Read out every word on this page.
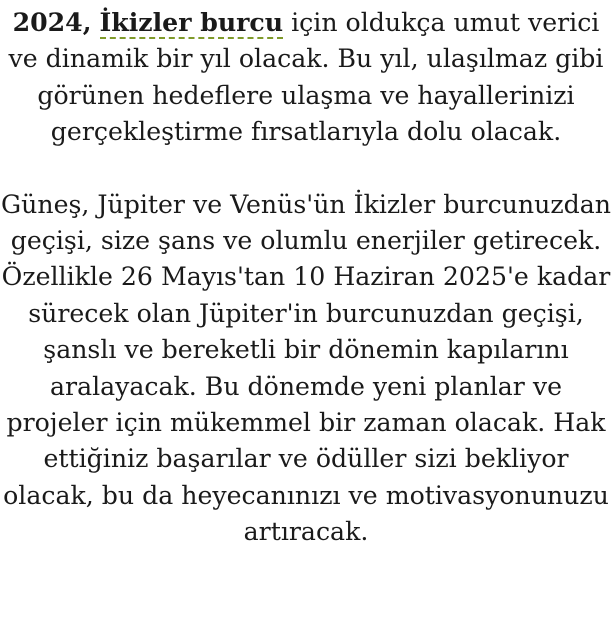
2024, İkizler burcu için oldukça umut verici ve dinamik bir yıl olacak. Bu yıl, ulaşılmaz gibi görünen hedeflere ulaşma ve hayallerinizi gerçekleştirme fırsatlarıyla dolu olacak.

Güneş, Jüpiter ve Venüs'ün İkizler burcunuzdan geçişi, size şans ve olumlu enerjiler getirecek. Özellikle 26 Mayıs'tan 10 Haziran 2025'e kadar sürecek olan Jüpiter'in burcunuzdan geçişi, şanslı ve bereketli bir dönemin kapılarını aralayacak. Bu dönemde yeni planlar ve projeler için mükemmel bir zaman olacak. Hak ettiğiniz başarılar ve ödüller sizi bekliyor olacak, bu da heyecanınızı ve motivasyonunuzu artıracak.
